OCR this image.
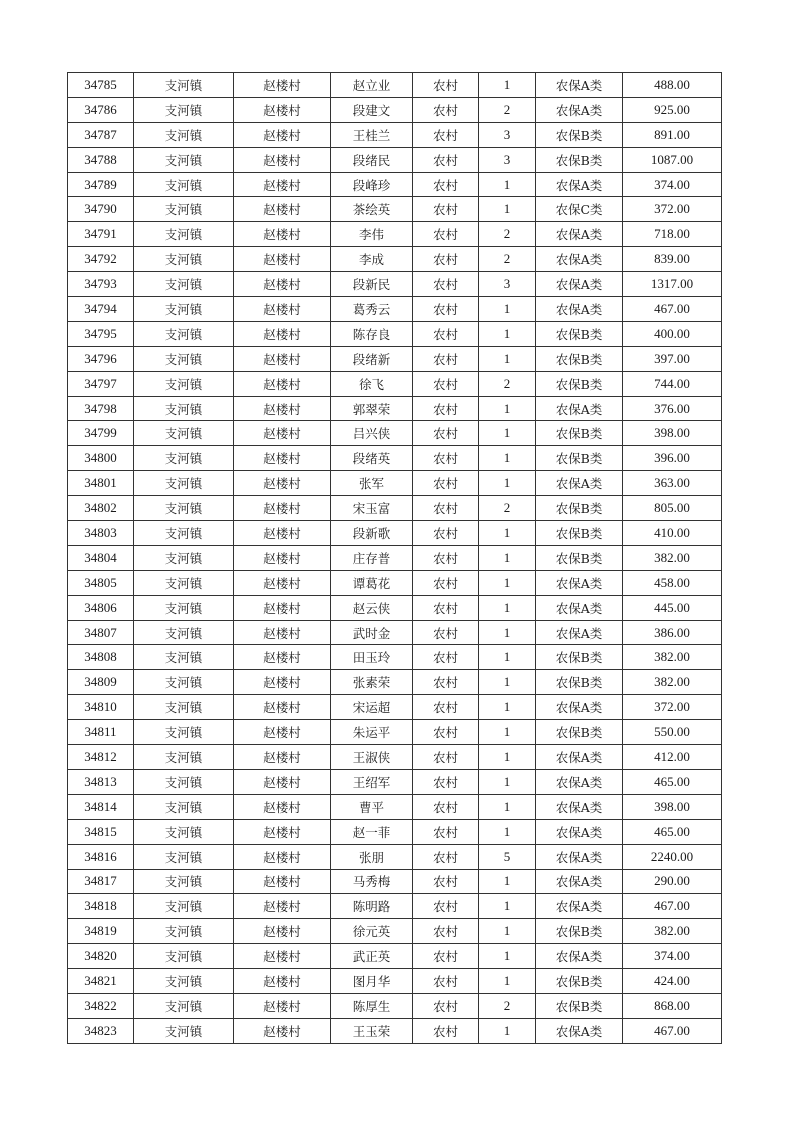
34785	支河镇	赵楼村	赵立业	农村	1	农保A类	488.00
34786	支河镇	赵楼村	段建文	农村	2	农保A类	925.00
34787	支河镇	赵楼村	王桂兰	农村	3	农保B类	891.00
34788	支河镇	赵楼村	段绪民	农村	3	农保B类	1087.00
34789	支河镇	赵楼村	段峰珍	农村	1	农保A类	374.00
34790	支河镇	赵楼村	茶绘英	农村	1	农保C类	372.00
34791	支河镇	赵楼村	李伟	农村	2	农保A类	718.00
34792	支河镇	赵楼村	李成	农村	2	农保A类	839.00
34793	支河镇	赵楼村	段新民	农村	3	农保A类	1317.00
34794	支河镇	赵楼村	葛秀云	农村	1	农保A类	467.00
34795	支河镇	赵楼村	陈存良	农村	1	农保B类	400.00
34796	支河镇	赵楼村	段绪新	农村	1	农保B类	397.00
34797	支河镇	赵楼村	徐飞	农村	2	农保B类	744.00
34798	支河镇	赵楼村	郭翠荣	农村	1	农保A类	376.00
34799	支河镇	赵楼村	吕兴侠	农村	1	农保B类	398.00
34800	支河镇	赵楼村	段绪英	农村	1	农保B类	396.00
34801	支河镇	赵楼村	张军	农村	1	农保A类	363.00
34802	支河镇	赵楼村	宋玉富	农村	2	农保B类	805.00
34803	支河镇	赵楼村	段新歌	农村	1	农保B类	410.00
34804	支河镇	赵楼村	庄存普	农村	1	农保B类	382.00
34805	支河镇	赵楼村	谭葛花	农村	1	农保A类	458.00
34806	支河镇	赵楼村	赵云侠	农村	1	农保A类	445.00
34807	支河镇	赵楼村	武时金	农村	1	农保A类	386.00
34808	支河镇	赵楼村	田玉玲	农村	1	农保B类	382.00
34809	支河镇	赵楼村	张素荣	农村	1	农保B类	382.00
34810	支河镇	赵楼村	宋运超	农村	1	农保A类	372.00
34811	支河镇	赵楼村	朱运平	农村	1	农保B类	550.00
34812	支河镇	赵楼村	王淑侠	农村	1	农保A类	412.00
34813	支河镇	赵楼村	王绍军	农村	1	农保A类	465.00
34814	支河镇	赵楼村	曹平	农村	1	农保A类	398.00
34815	支河镇	赵楼村	赵一菲	农村	1	农保A类	465.00
34816	支河镇	赵楼村	张朋	农村	5	农保A类	2240.00
34817	支河镇	赵楼村	马秀梅	农村	1	农保A类	290.00
34818	支河镇	赵楼村	陈明路	农村	1	农保A类	467.00
34819	支河镇	赵楼村	徐元英	农村	1	农保B类	382.00
34820	支河镇	赵楼村	武正英	农村	1	农保A类	374.00
34821	支河镇	赵楼村	图月华	农村	1	农保B类	424.00
34822	支河镇	赵楼村	陈厚生	农村	2	农保B类	868.00
34823	支河镇	赵楼村	王玉荣	农村	1	农保A类	467.00
